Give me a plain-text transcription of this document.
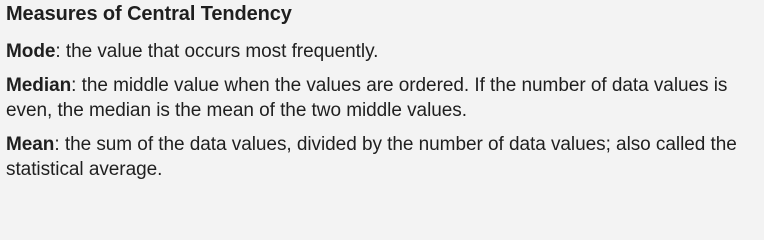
Measures of Central Tendency

Mode: the value that occurs most frequently.

Median: the middle value when the values are ordered. If the number of data values is even, the median is the mean of the two middle values.

Mean: the sum of the data values, divided by the number of data values; also called the statistical average.
